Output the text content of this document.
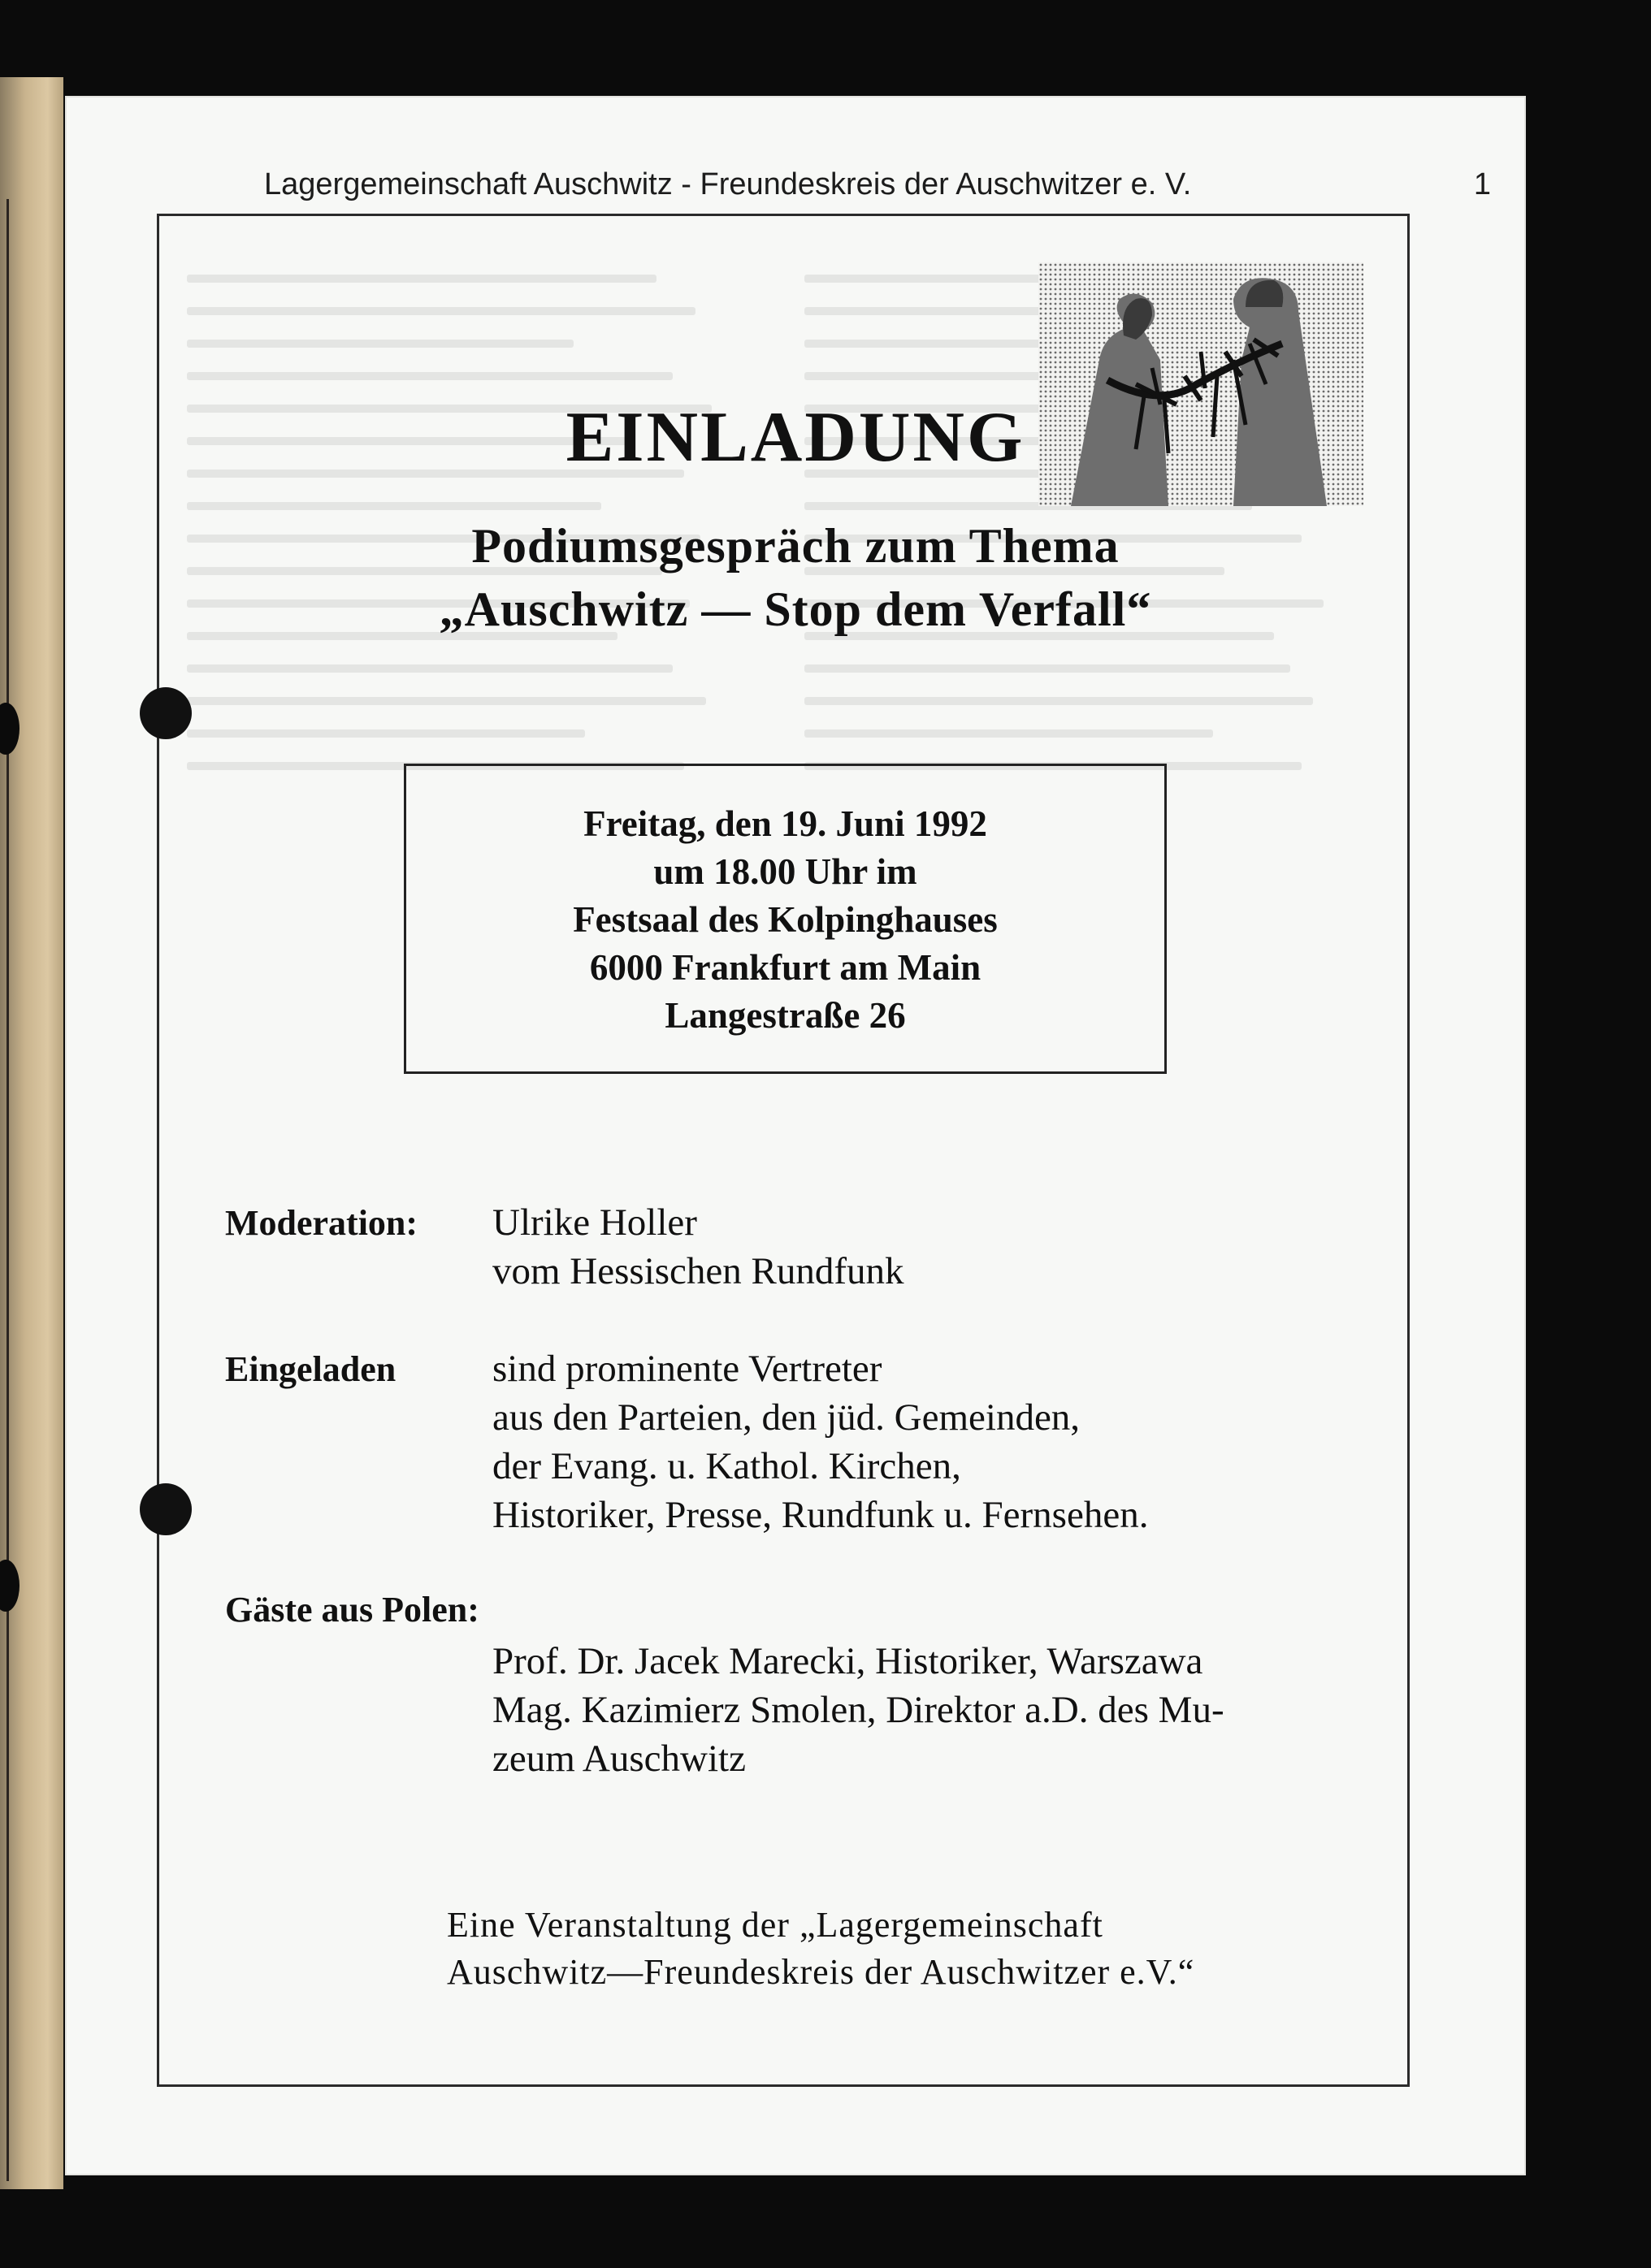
Lagergemeinschaft Auschwitz - Freundeskreis der Auschwitzer e. V.	1
EINLADUNG
Podiumsgespräch zum Thema
„Auschwitz — Stop dem Verfall“
Freitag, den 19. Juni 1992
um 18.00 Uhr im
Festsaal des Kolpinghauses
6000 Frankfurt am Main
Langestraße 26
Moderation: Ulrike Holler
vom Hessischen Rundfunk
Eingeladen	sind prominente Vertreter
aus den Parteien, den jüd. Gemeinden,
der Evang. u. Kathol. Kirchen,
Historiker, Presse, Rundfunk u. Fernsehen.
Gäste aus Polen:
Prof. Dr. Jacek Marecki, Historiker, Warszawa
Mag. Kazimierz Smolen, Direktor a.D. des Mu-
zeum Auschwitz
Eine Veranstaltung der „Lagergemeinschaft
Auschwitz—Freundeskreis der Auschwitzer e.V.“
